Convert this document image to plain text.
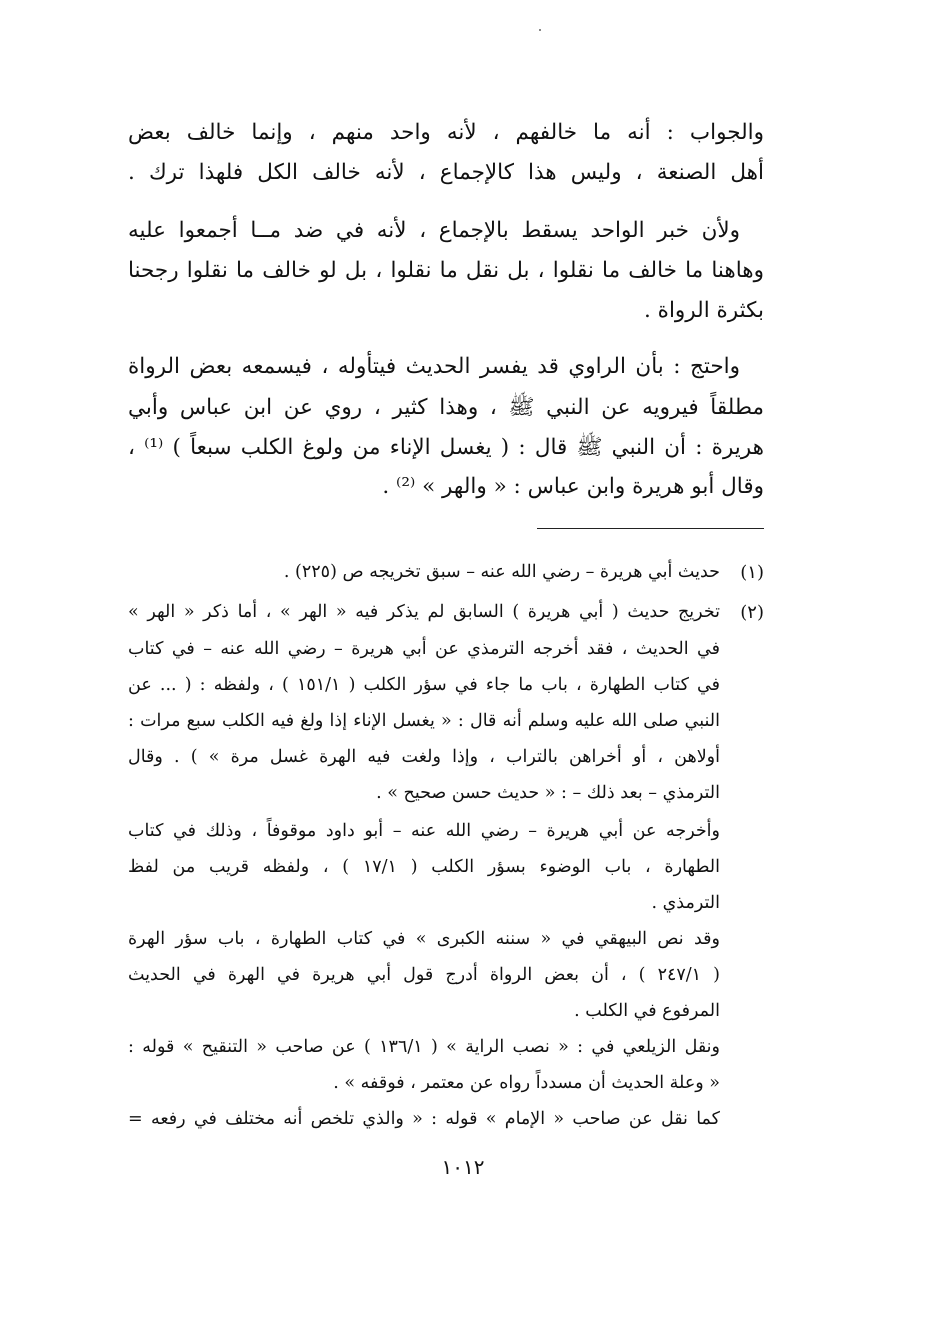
والجواب : أنه ما خالفهم ، لأنه واحد منهم ، وإنما خالف بعض
أهل الصنعة ، وليس هذا كالإجماع ، لأنه خالف الكل فلهذا ترك .
ولأن خبر الواحد يسقط بالإجماع ، لأنه في ضد مــا أجمعوا عليه
وهاهنا ما خالف ما نقلوا ، بل نقل ما نقلوا ، بل لو خالف ما نقلوا رجحنا
بكثرة الرواة .
واحتج : بأن الراوي قد يفسر الحديث فيتأوله ، فيسمعه بعض الرواة
مطلقاً فيرويه عن النبي ﷺ ، وهذا كثير ، روي عن ابن عباس وأبي
هريرة : أن النبي ﷺ قال : ( يغسل الإناء من ولوغ الكلب سبعاً ) ⁽¹⁾ ،
وقال أبو هريرة وابن عباس : « والهر » ⁽²⁾ .
(١)
حديث أبي هريرة – رضي الله عنه – سبق تخريجه ص (٢٢٥) .
(٢)
تخريج حديث ( أبي هريرة ) السابق لم يذكر فيه « الهر » ، أما ذكر « الهر »
في الحديث ، فقد أخرجه الترمذي عن أبي هريرة – رضي الله عنه – في كتاب
في كتاب الطهارة ، باب ما جاء في سؤر الكلب ( ١٥١/١ ) ، ولفظه : ( ... عن
النبي صلى الله عليه وسلم أنه قال : « يغسل الإناء إذا ولغ فيه الكلب سبع مرات :
أولاهن ، أو أخراهن بالتراب ، وإذا ولغت فيه الهرة غسل مرة » ) . وقال
الترمذي – بعد ذلك – : « حديث حسن صحيح » .
وأخرجه عن أبي هريرة – رضي الله عنه – أبو داود موقوفاً ، وذلك في كتاب
الطهارة ، باب الوضوء بسؤر الكلب ( ١٧/١ ) ، ولفظه قريب من لفظ
الترمذي .
وقد نص البيهقي في « سننه الكبرى » في كتاب الطهارة ، باب سؤر الهرة
( ٢٤٧/١ ) ، أن بعض الرواة أدرج قول أبي هريرة في الهرة في الحديث
المرفوع في الكلب .
ونقل الزيلعي في : « نصب الراية » ( ١٣٦/١ ) عن صاحب « التنقيح » قوله :
« وعلة الحديث أن مسدداً رواه عن معتمر ، فوقفه » .
كما نقل عن صاحب « الإمام » قوله : « والذي تلخص أنه مختلف في رفعه =
١٠١٢
